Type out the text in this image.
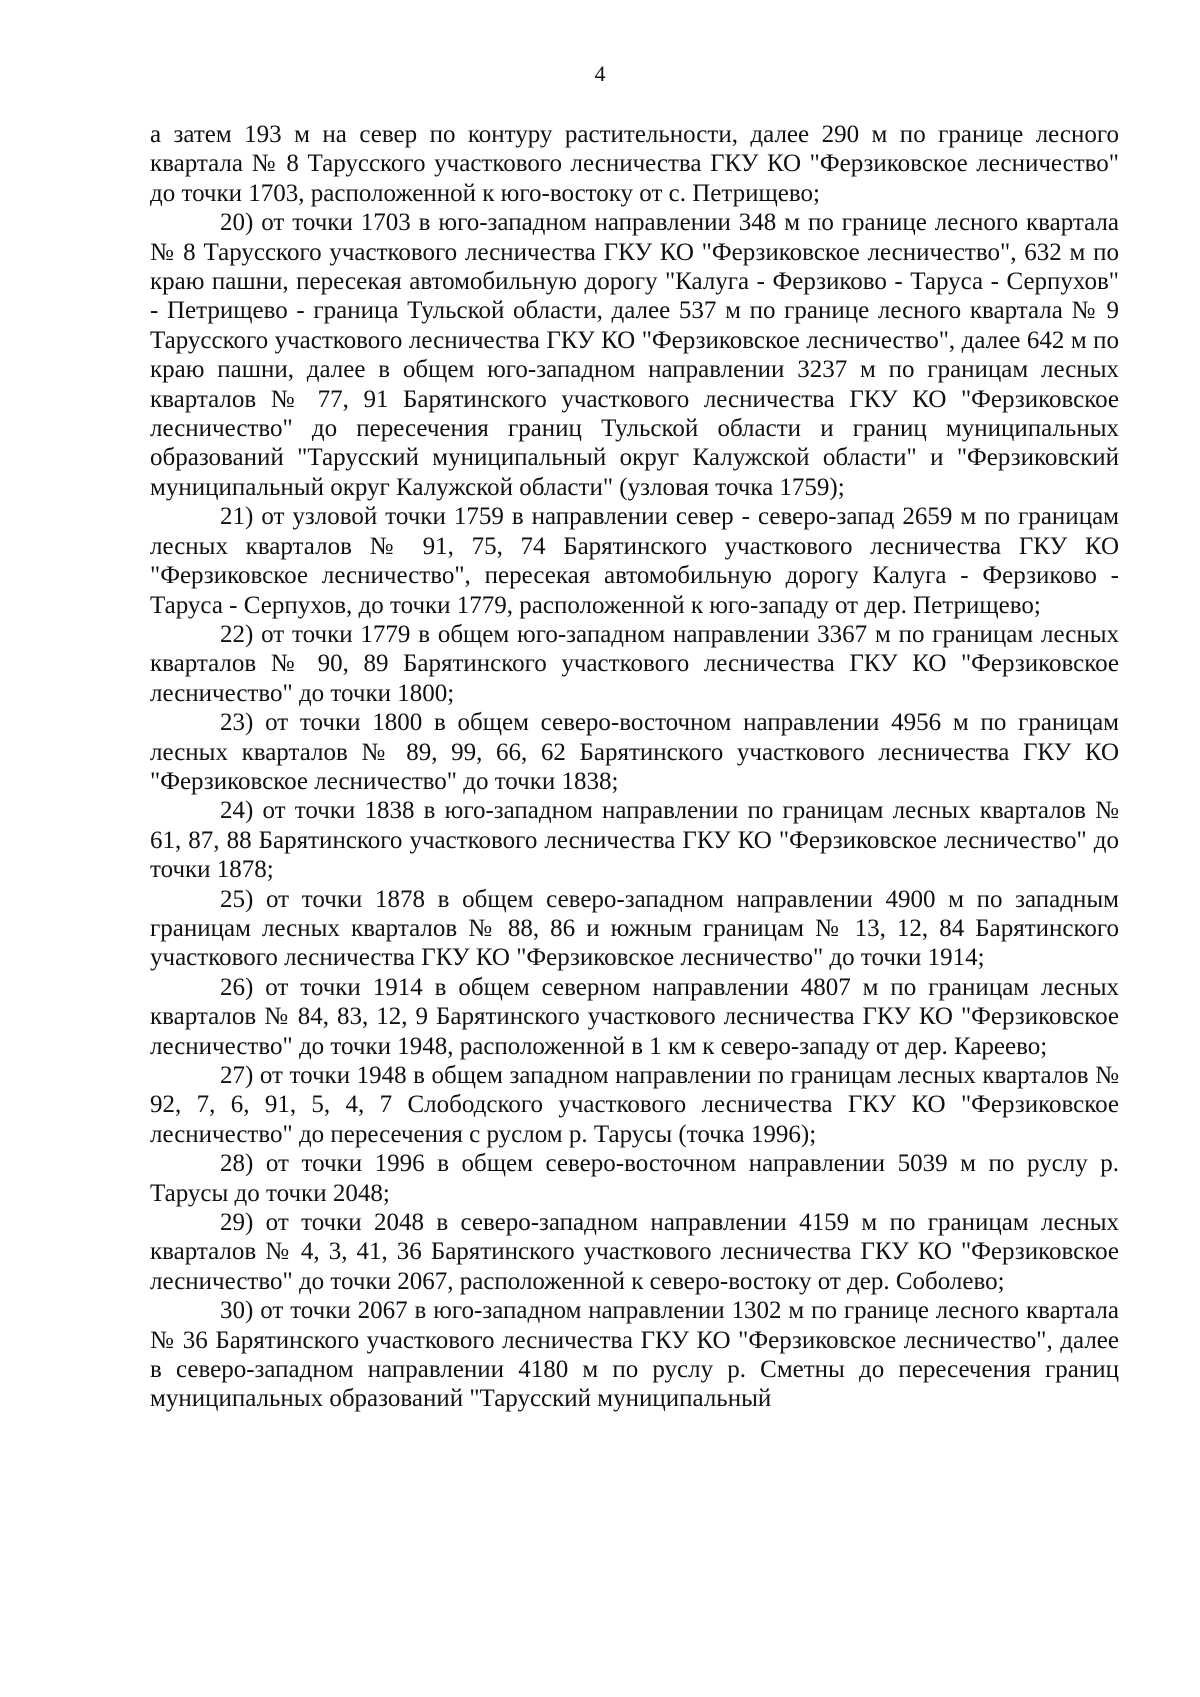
4

а затем 193 м на север по контуру растительности, далее 290 м по границе лесного квартала № 8 Тарусского участкового лесничества ГКУ КО "Ферзиковское лесничество" до точки 1703, расположенной к юго-востоку от с. Петрищево;

20) от точки 1703 в юго-западном направлении 348 м по границе лесного квартала № 8 Тарусского участкового лесничества ГКУ КО "Ферзиковское лесничество", 632 м по краю пашни, пересекая автомобильную дорогу "Калуга - Ферзиково - Таруса - Серпухов" - Петрищево - граница Тульской области, далее 537 м по границе лесного квартала № 9 Тарусского участкового лесничества ГКУ КО "Ферзиковское лесничество", далее 642 м по краю пашни, далее в общем юго-западном направлении 3237 м по границам лесных кварталов № 77, 91 Барятинского участкового лесничества ГКУ КО "Ферзиковское лесничество" до пересечения границ Тульской области и границ муниципальных образований "Тарусский муниципальный округ Калужской области" и "Ферзиковский муниципальный округ Калужской области" (узловая точка 1759);

21) от узловой точки 1759 в направлении север - северо-запад 2659 м по границам лесных кварталов № 91, 75, 74 Барятинского участкового лесничества ГКУ КО "Ферзиковское лесничество", пересекая автомобильную дорогу Калуга - Ферзиково - Таруса - Серпухов, до точки 1779, расположенной к юго-западу от дер. Петрищево;

22) от точки 1779 в общем юго-западном направлении 3367 м по границам лесных кварталов № 90, 89 Барятинского участкового лесничества ГКУ КО "Ферзиковское лесничество" до точки 1800;

23) от точки 1800 в общем северо-восточном направлении 4956 м по границам лесных кварталов № 89, 99, 66, 62 Барятинского участкового лесничества ГКУ КО "Ферзиковское лесничество" до точки 1838;

24) от точки 1838 в юго-западном направлении по границам лесных кварталов № 61, 87, 88 Барятинского участкового лесничества ГКУ КО "Ферзиковское лесничество" до точки 1878;

25) от точки 1878 в общем северо-западном направлении 4900 м по западным границам лесных кварталов № 88, 86 и южным границам № 13, 12, 84 Барятинского участкового лесничества ГКУ КО "Ферзиковское лесничество" до точки 1914;

26) от точки 1914 в общем северном направлении 4807 м по границам лесных кварталов № 84, 83, 12, 9 Барятинского участкового лесничества ГКУ КО "Ферзиковское лесничество" до точки 1948, расположенной в 1 км к северо-западу от дер. Кареево;

27) от точки 1948 в общем западном направлении по границам лесных кварталов № 92, 7, 6, 91, 5, 4, 7 Слободского участкового лесничества ГКУ КО "Ферзиковское лесничество" до пересечения с руслом р. Тарусы (точка 1996);

28) от точки 1996 в общем северо-восточном направлении 5039 м по руслу р. Тарусы до точки 2048;

29) от точки 2048 в северо-западном направлении 4159 м по границам лесных кварталов № 4, 3, 41, 36 Барятинского участкового лесничества ГКУ КО "Ферзиковское лесничество" до точки 2067, расположенной к северо-востоку от дер. Соболево;

30) от точки 2067 в юго-западном направлении 1302 м по границе лесного квартала № 36 Барятинского участкового лесничества ГКУ КО "Ферзиковское лесничество", далее в северо-западном направлении 4180 м по руслу р. Сметны до пересечения границ муниципальных образований "Тарусский муниципальный
